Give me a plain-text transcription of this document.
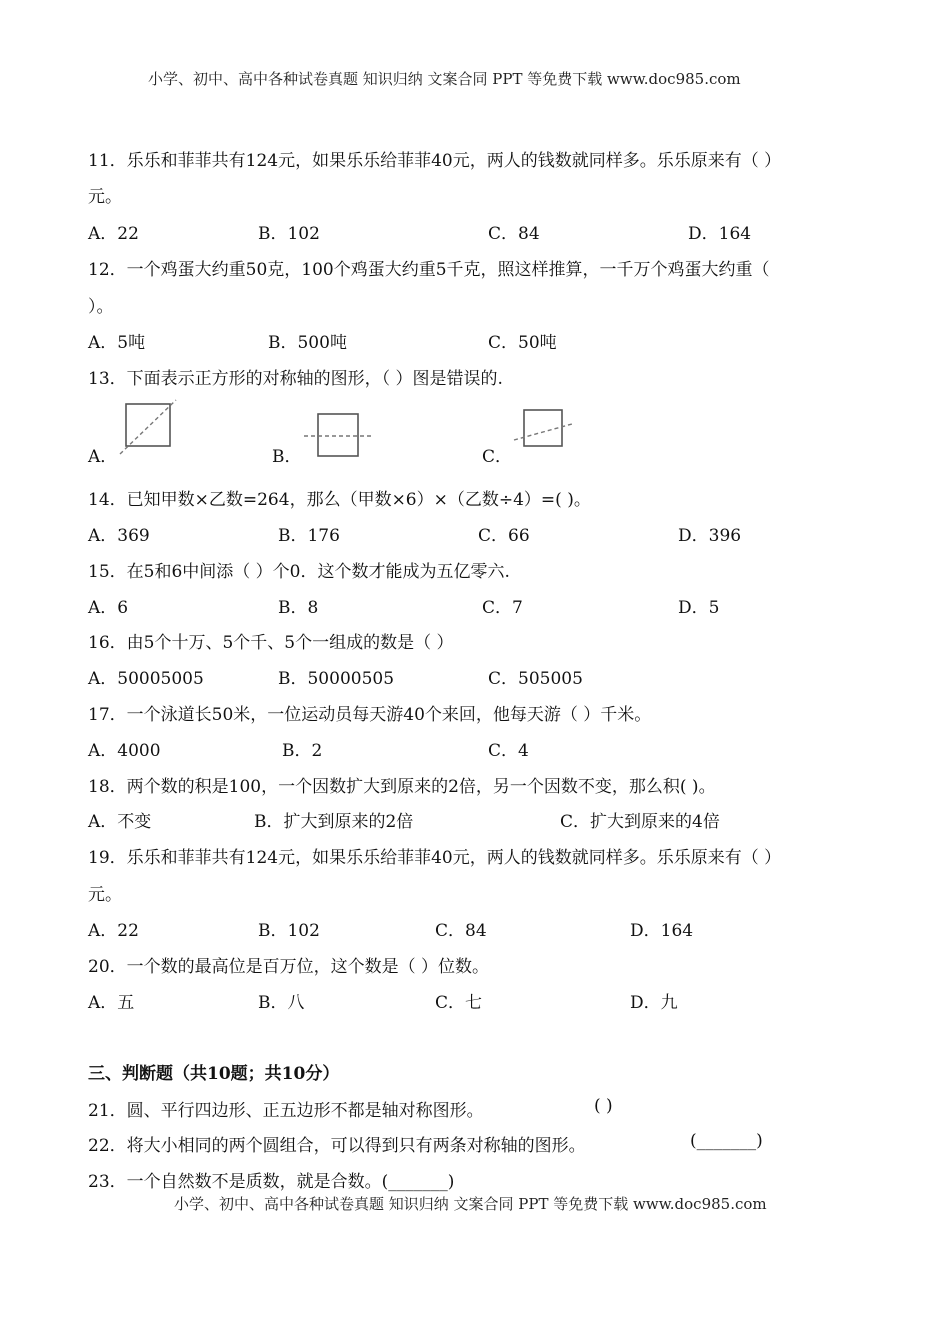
小学、初中、高中各种试卷真题 知识归纳 文案合同 PPT 等免费下载 www.doc985.com
11．乐乐和菲菲共有124元，如果乐乐给菲菲40元，两人的钱数就同样多。乐乐原来有（ ）
元。
A．22	B．102	C．84	D．164
12．一个鸡蛋大约重50克，100个鸡蛋大约重5千克，照这样推算，一千万个鸡蛋大约重（
）。
A．5吨	B．500吨	C．50吨
13．下面表示正方形的对称轴的图形，（ ）图是错误的.
A．	B．	C．
14．已知甲数×乙数=264，那么（甲数×6）×（乙数÷4）=( )。
A．369	B．176	C．66	D．396
15．在5和6中间添（ ）个0．这个数才能成为五亿零六.
A．6	B．8	C．7	D．5
16．由5个十万、5个千、5个一组成的数是（ ）
A．50005005	B．50000505	C．505005
17．一个泳道长50米，一位运动员每天游40个来回，他每天游（ ）千米。
A．4000	B．2	C．4
18．两个数的积是100，一个因数扩大到原来的2倍，另一个因数不变，那么积( )。
A．不变	B．扩大到原来的2倍	C．扩大到原来的4倍
19．乐乐和菲菲共有124元，如果乐乐给菲菲40元，两人的钱数就同样多。乐乐原来有（ ）
元。
A．22	B．102	C．84	D．164
20．一个数的最高位是百万位，这个数是（ ）位数。
A．五	B．八	C．七	D．九
三、判断题（共10题；共10分）
21．圆、平行四边形、正五边形不都是轴对称图形。	( )
22．将大小相同的两个圆组合，可以得到只有两条对称轴的图形。	(_______)
23．一个自然数不是质数，就是合数。(_______)
小学、初中、高中各种试卷真题 知识归纳 文案合同 PPT 等免费下载 www.doc985.com
